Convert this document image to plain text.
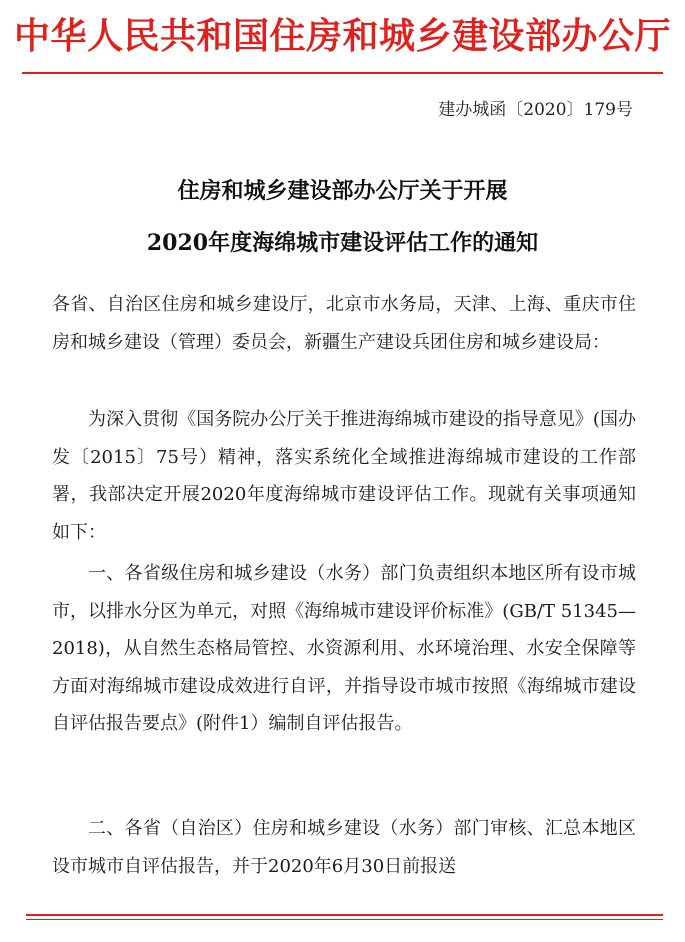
中华人民共和国住房和城乡建设部办公厅
建办城函〔2020〕179号
住房和城乡建设部办公厅关于开展
2020年度海绵城市建设评估工作的通知
各省、自治区住房和城乡建设厅，北京市水务局，天津、上海、重庆市住房和城乡建设（管理）委员会，新疆生产建设兵团住房和城乡建设局：
为深入贯彻《国务院办公厅关于推进海绵城市建设的指导意见》(国办发〔2015〕75号）精神，落实系统化全域推进海绵城市建设的工作部署，我部决定开展2020年度海绵城市建设评估工作。现就有关事项通知如下：
一、各省级住房和城乡建设（水务）部门负责组织本地区所有设市城市，以排水分区为单元，对照《海绵城市建设评价标准》(GB/T 51345—2018)，从自然生态格局管控、水资源利用、水环境治理、水安全保障等方面对海绵城市建设成效进行自评，并指导设市城市按照《海绵城市建设自评估报告要点》(附件1）编制自评估报告。
二、各省（自治区）住房和城乡建设（水务）部门审核、汇总本地区设市城市自评估报告，并于2020年6月30日前报送
